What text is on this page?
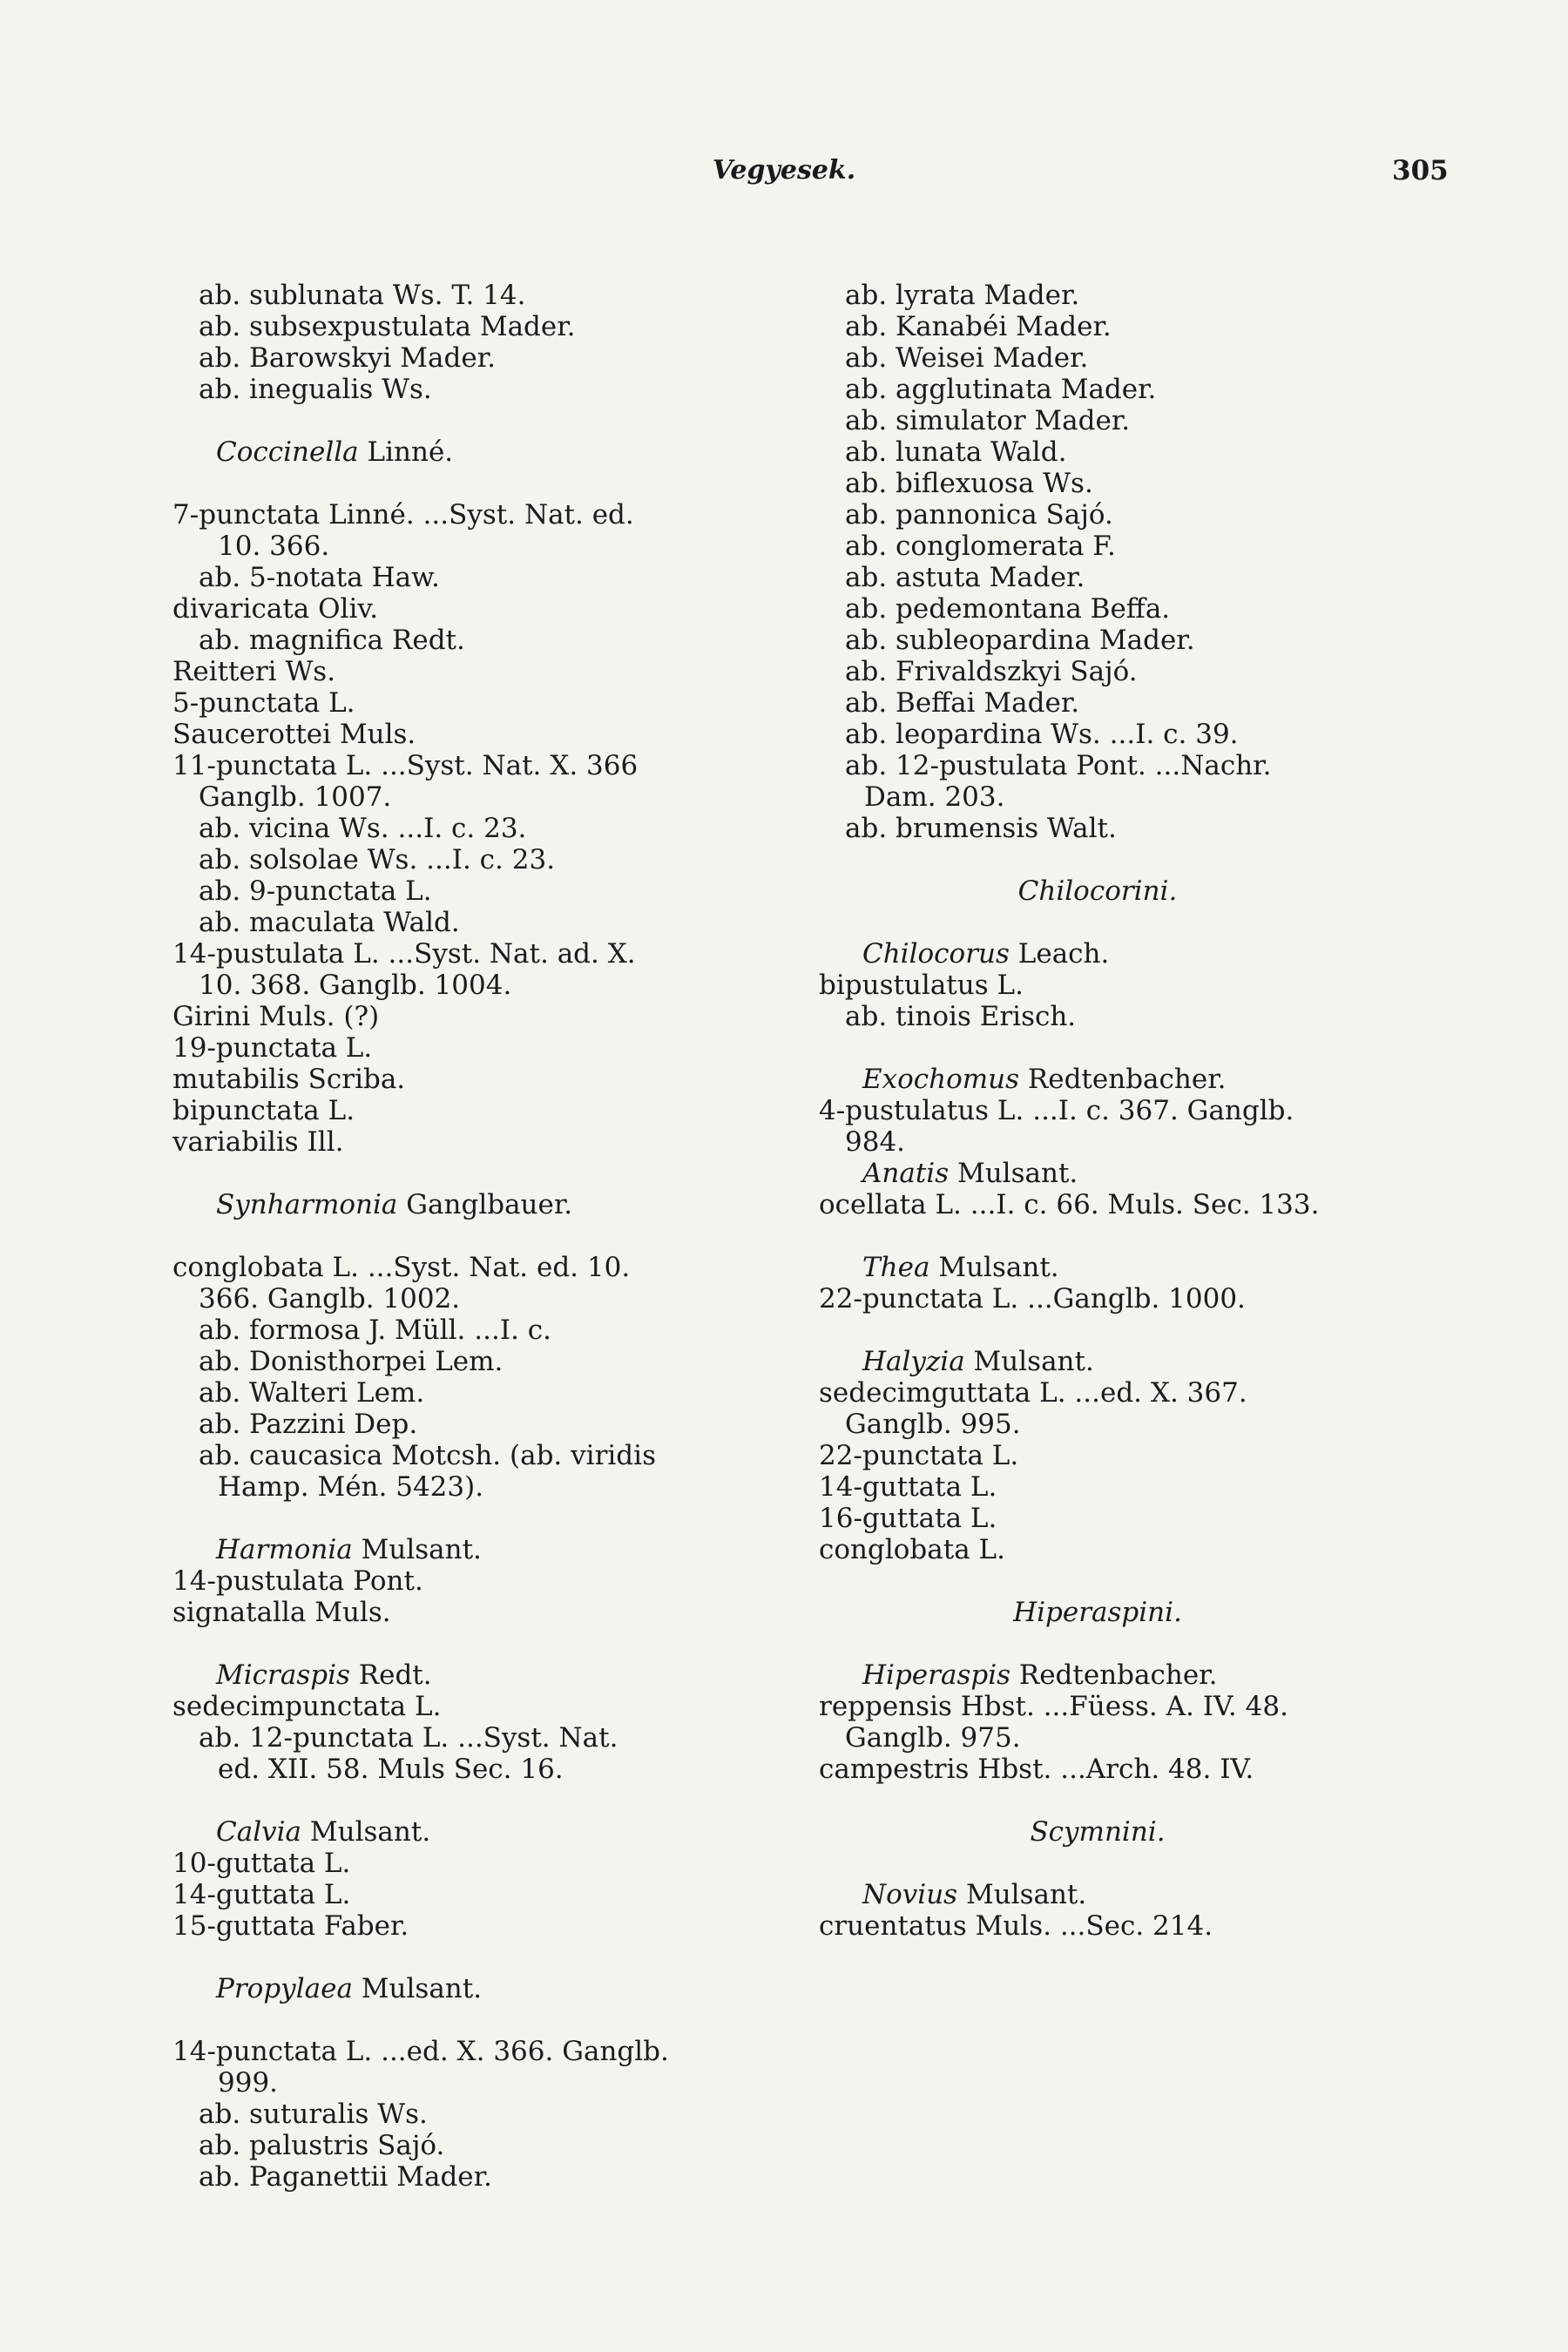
Vegyesek.	305
ab. sublunata Ws. T. 14.
ab. subsexpustulata Mader.
ab. Barowskyi Mader.
ab. inegualis Ws.
Coccinella Linné.
7-punctata Linné. ...Syst. Nat. ed.
10. 366.
ab. 5-notata Haw.
divaricata Oliv.
ab. magnifica Redt.
Reitteri Ws.
5-punctata L.
Saucerottei Muls.
11-punctata L. ...Syst. Nat. X. 366
Ganglb. 1007.
ab. vicina Ws. ...I. c. 23.
ab. solsolae Ws. ...I. c. 23.
ab. 9-punctata L.
ab. maculata Wald.
14-pustulata L. ...Syst. Nat. ad. X.
10. 368. Ganglb. 1004.
Girini Muls. (?)
19-punctata L.
mutabilis Scriba.
bipunctata L.
variabilis Ill.
Synharmonia Ganglbauer.
conglobata L. ...Syst. Nat. ed. 10.
366. Ganglb. 1002.
ab. formosa J. Müll. ...I. c.
ab. Donisthorpei Lem.
ab. Walteri Lem.
ab. Pazzini Dep.
ab. caucasica Motcsh. (ab. viridis
Hamp. Mén. 5423).
Harmonia Mulsant.
14-pustulata Pont.
signatalla Muls.
Micraspis Redt.
sedecimpunctata L.
ab. 12-punctata L. ...Syst. Nat.
ed. XII. 58. Muls Sec. 16.
Calvia Mulsant.
10-guttata L.
14-guttata L.
15-guttata Faber.
Propylaea Mulsant.
14-punctata L. ...ed. X. 366. Ganglb.
999.
ab. suturalis Ws.
ab. palustris Sajó.
ab. Paganettii Mader.
ab. lyrata Mader.
ab. Kanabéi Mader.
ab. Weisei Mader.
ab. agglutinata Mader.
ab. simulator Mader.
ab. lunata Wald.
ab. biflexuosa Ws.
ab. pannonica Sajó.
ab. conglomerata F.
ab. astuta Mader.
ab. pedemontana Beffa.
ab. subleopardina Mader.
ab. Frivaldszkyi Sajó.
ab. Beffai Mader.
ab. leopardina Ws. ...I. c. 39.
ab. 12-pustulata Pont. ...Nachr.
Dam. 203.
ab. brumensis Walt.
Chilocorini.
Chilocorus Leach.
bipustulatus L.
ab. tinois Erisch.
Exochomus Redtenbacher.
4-pustulatus L. ...I. c. 367. Ganglb.
984.
Anatis Mulsant.
ocellata L. ...I. c. 66. Muls. Sec. 133.
Thea Mulsant.
22-punctata L. ...Ganglb. 1000.
Halyzia Mulsant.
sedecimguttata L. ...ed. X. 367.
Ganglb. 995.
22-punctata L.
14-guttata L.
16-guttata L.
conglobata L.
Hiperaspini.
Hiperaspis Redtenbacher.
reppensis Hbst. ...Füess. A. IV. 48.
Ganglb. 975.
campestris Hbst. ...Arch. 48. IV.
Scymnini.
Novius Mulsant.
cruentatus Muls. ...Sec. 214.
